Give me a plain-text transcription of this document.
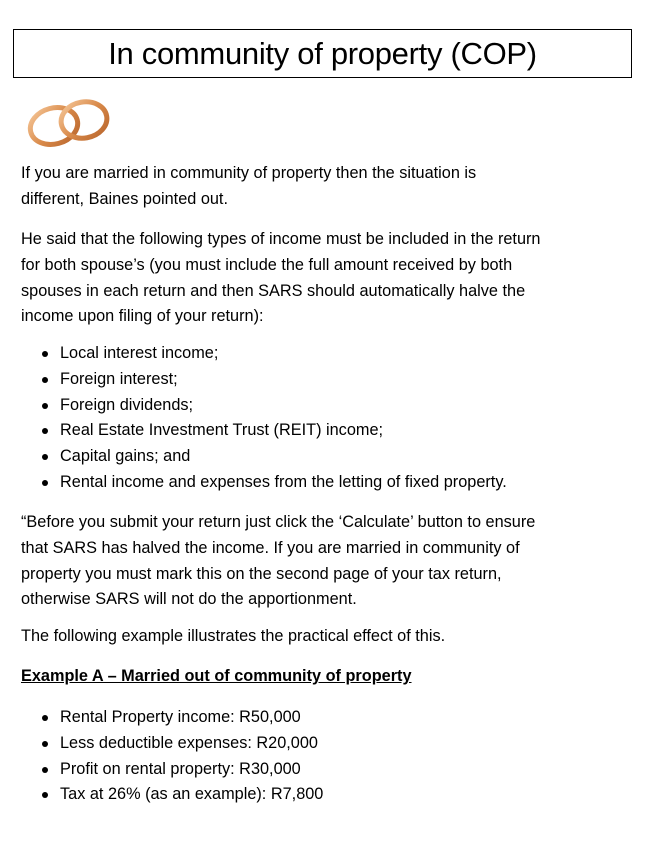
In community of property (COP)
If you are married in community of property then the situation is
different, Baines pointed out.
He said that the following types of income must be included in the return
for both spouse’s (you must include the full amount received by both
spouses in each return and then SARS should automatically halve the
income upon filing of your return):
Local interest income;
Foreign interest;
Foreign dividends;
Real Estate Investment Trust (REIT) income;
Capital gains; and
Rental income and expenses from the letting of fixed property.
“Before you submit your return just click the ‘Calculate’ button to ensure
that SARS has halved the income. If you are married in community of
property you must mark this on the second page of your tax return,
otherwise SARS will not do the apportionment.
The following example illustrates the practical effect of this.
Example A – Married out of community of property
Rental Property income: R50,000
Less deductible expenses: R20,000
Profit on rental property: R30,000
Tax at 26% (as an example): R7,800
